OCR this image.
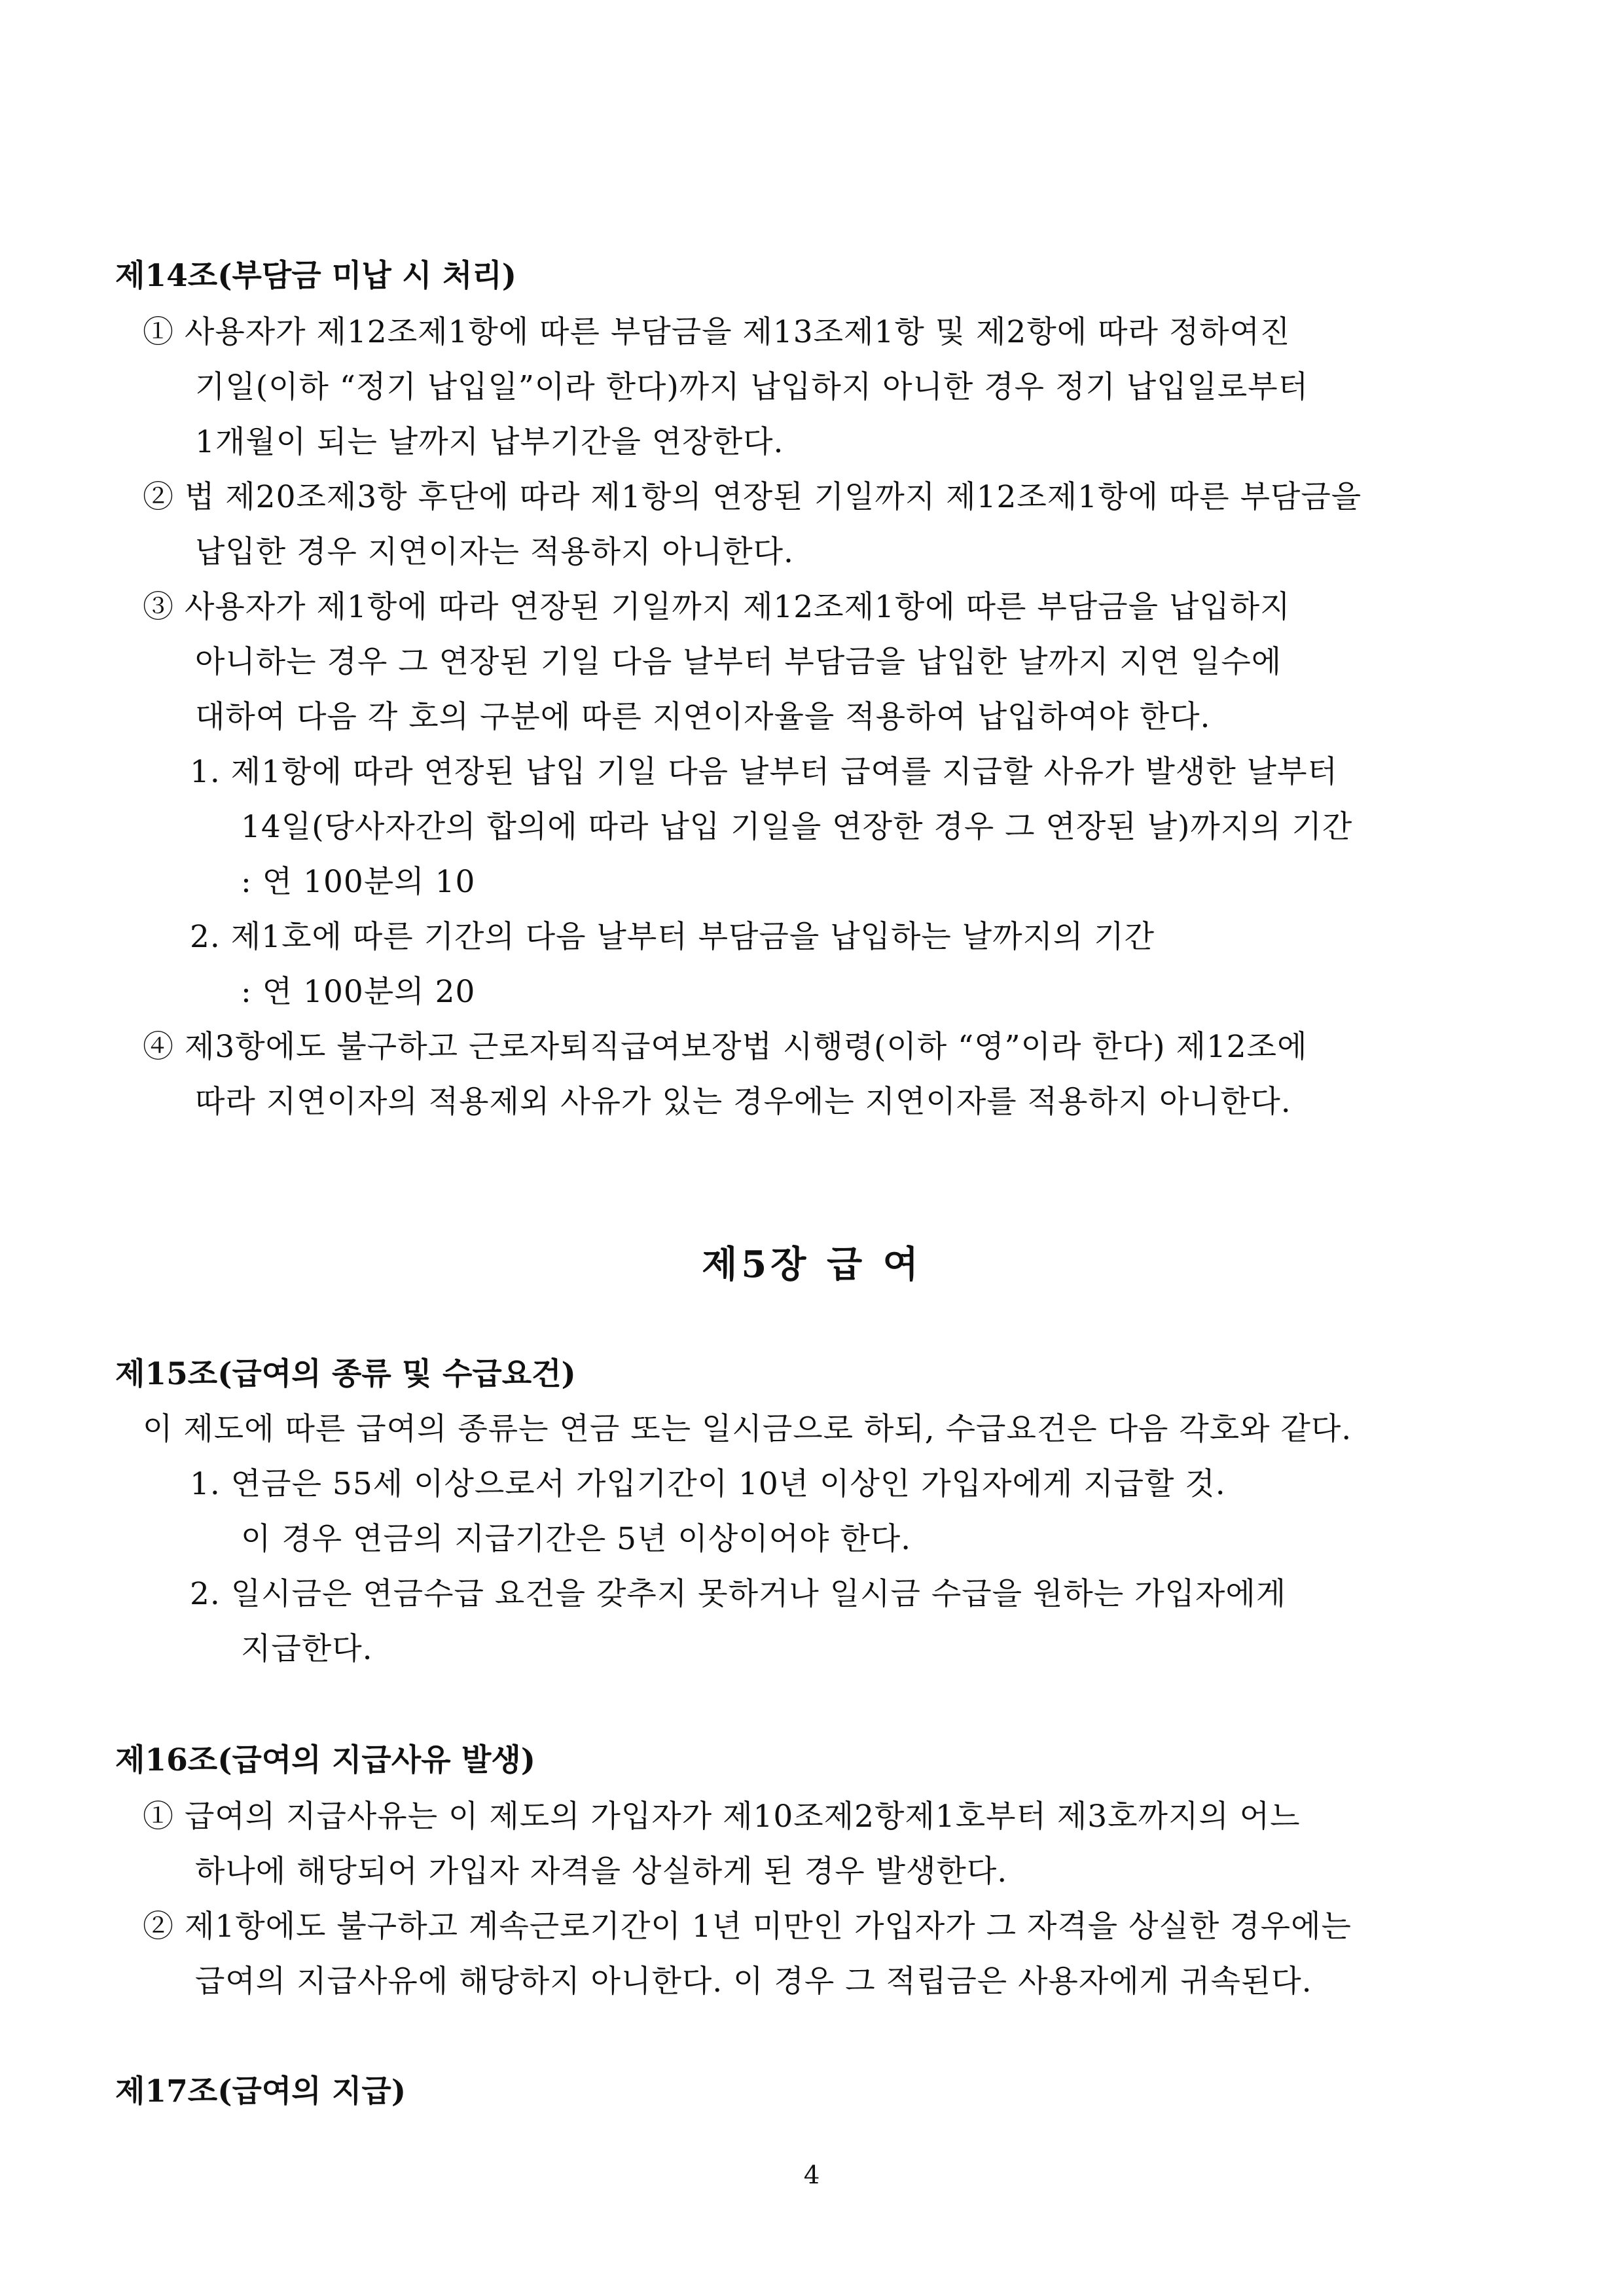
제14조(부담금 미납 시 처리)
① 사용자가 제12조제1항에 따른 부담금을 제13조제1항 및 제2항에 따라 정하여진
기일(이하 “정기 납입일”이라 한다)까지 납입하지 아니한 경우 정기 납입일로부터
1개월이 되는 날까지 납부기간을 연장한다.
② 법 제20조제3항 후단에 따라 제1항의 연장된 기일까지 제12조제1항에 따른 부담금을
납입한 경우 지연이자는 적용하지 아니한다.
③ 사용자가 제1항에 따라 연장된 기일까지 제12조제1항에 따른 부담금을 납입하지
아니하는 경우 그 연장된 기일 다음 날부터 부담금을 납입한 날까지 지연 일수에
대하여 다음 각 호의 구분에 따른 지연이자율을 적용하여 납입하여야 한다.
1. 제1항에 따라 연장된 납입 기일 다음 날부터 급여를 지급할 사유가 발생한 날부터
14일(당사자간의 합의에 따라 납입 기일을 연장한 경우 그 연장된 날)까지의 기간
: 연 100분의 10
2. 제1호에 따른 기간의 다음 날부터 부담금을 납입하는 날까지의 기간
: 연 100분의 20
④ 제3항에도 불구하고 근로자퇴직급여보장법 시행령(이하 “영”이라 한다) 제12조에
따라 지연이자의 적용제외 사유가 있는 경우에는 지연이자를 적용하지 아니한다.
제5장 급 여
제15조(급여의 종류 및 수급요건)
이 제도에 따른 급여의 종류는 연금 또는 일시금으로 하되, 수급요건은 다음 각호와 같다.
1. 연금은 55세 이상으로서 가입기간이 10년 이상인 가입자에게 지급할 것.
이 경우 연금의 지급기간은 5년 이상이어야 한다.
2. 일시금은 연금수급 요건을 갖추지 못하거나 일시금 수급을 원하는 가입자에게
지급한다.
제16조(급여의 지급사유 발생)
① 급여의 지급사유는 이 제도의 가입자가 제10조제2항제1호부터 제3호까지의 어느
하나에 해당되어 가입자 자격을 상실하게 된 경우 발생한다.
② 제1항에도 불구하고 계속근로기간이 1년 미만인 가입자가 그 자격을 상실한 경우에는
급여의 지급사유에 해당하지 아니한다. 이 경우 그 적립금은 사용자에게 귀속된다.
제17조(급여의 지급)
4
